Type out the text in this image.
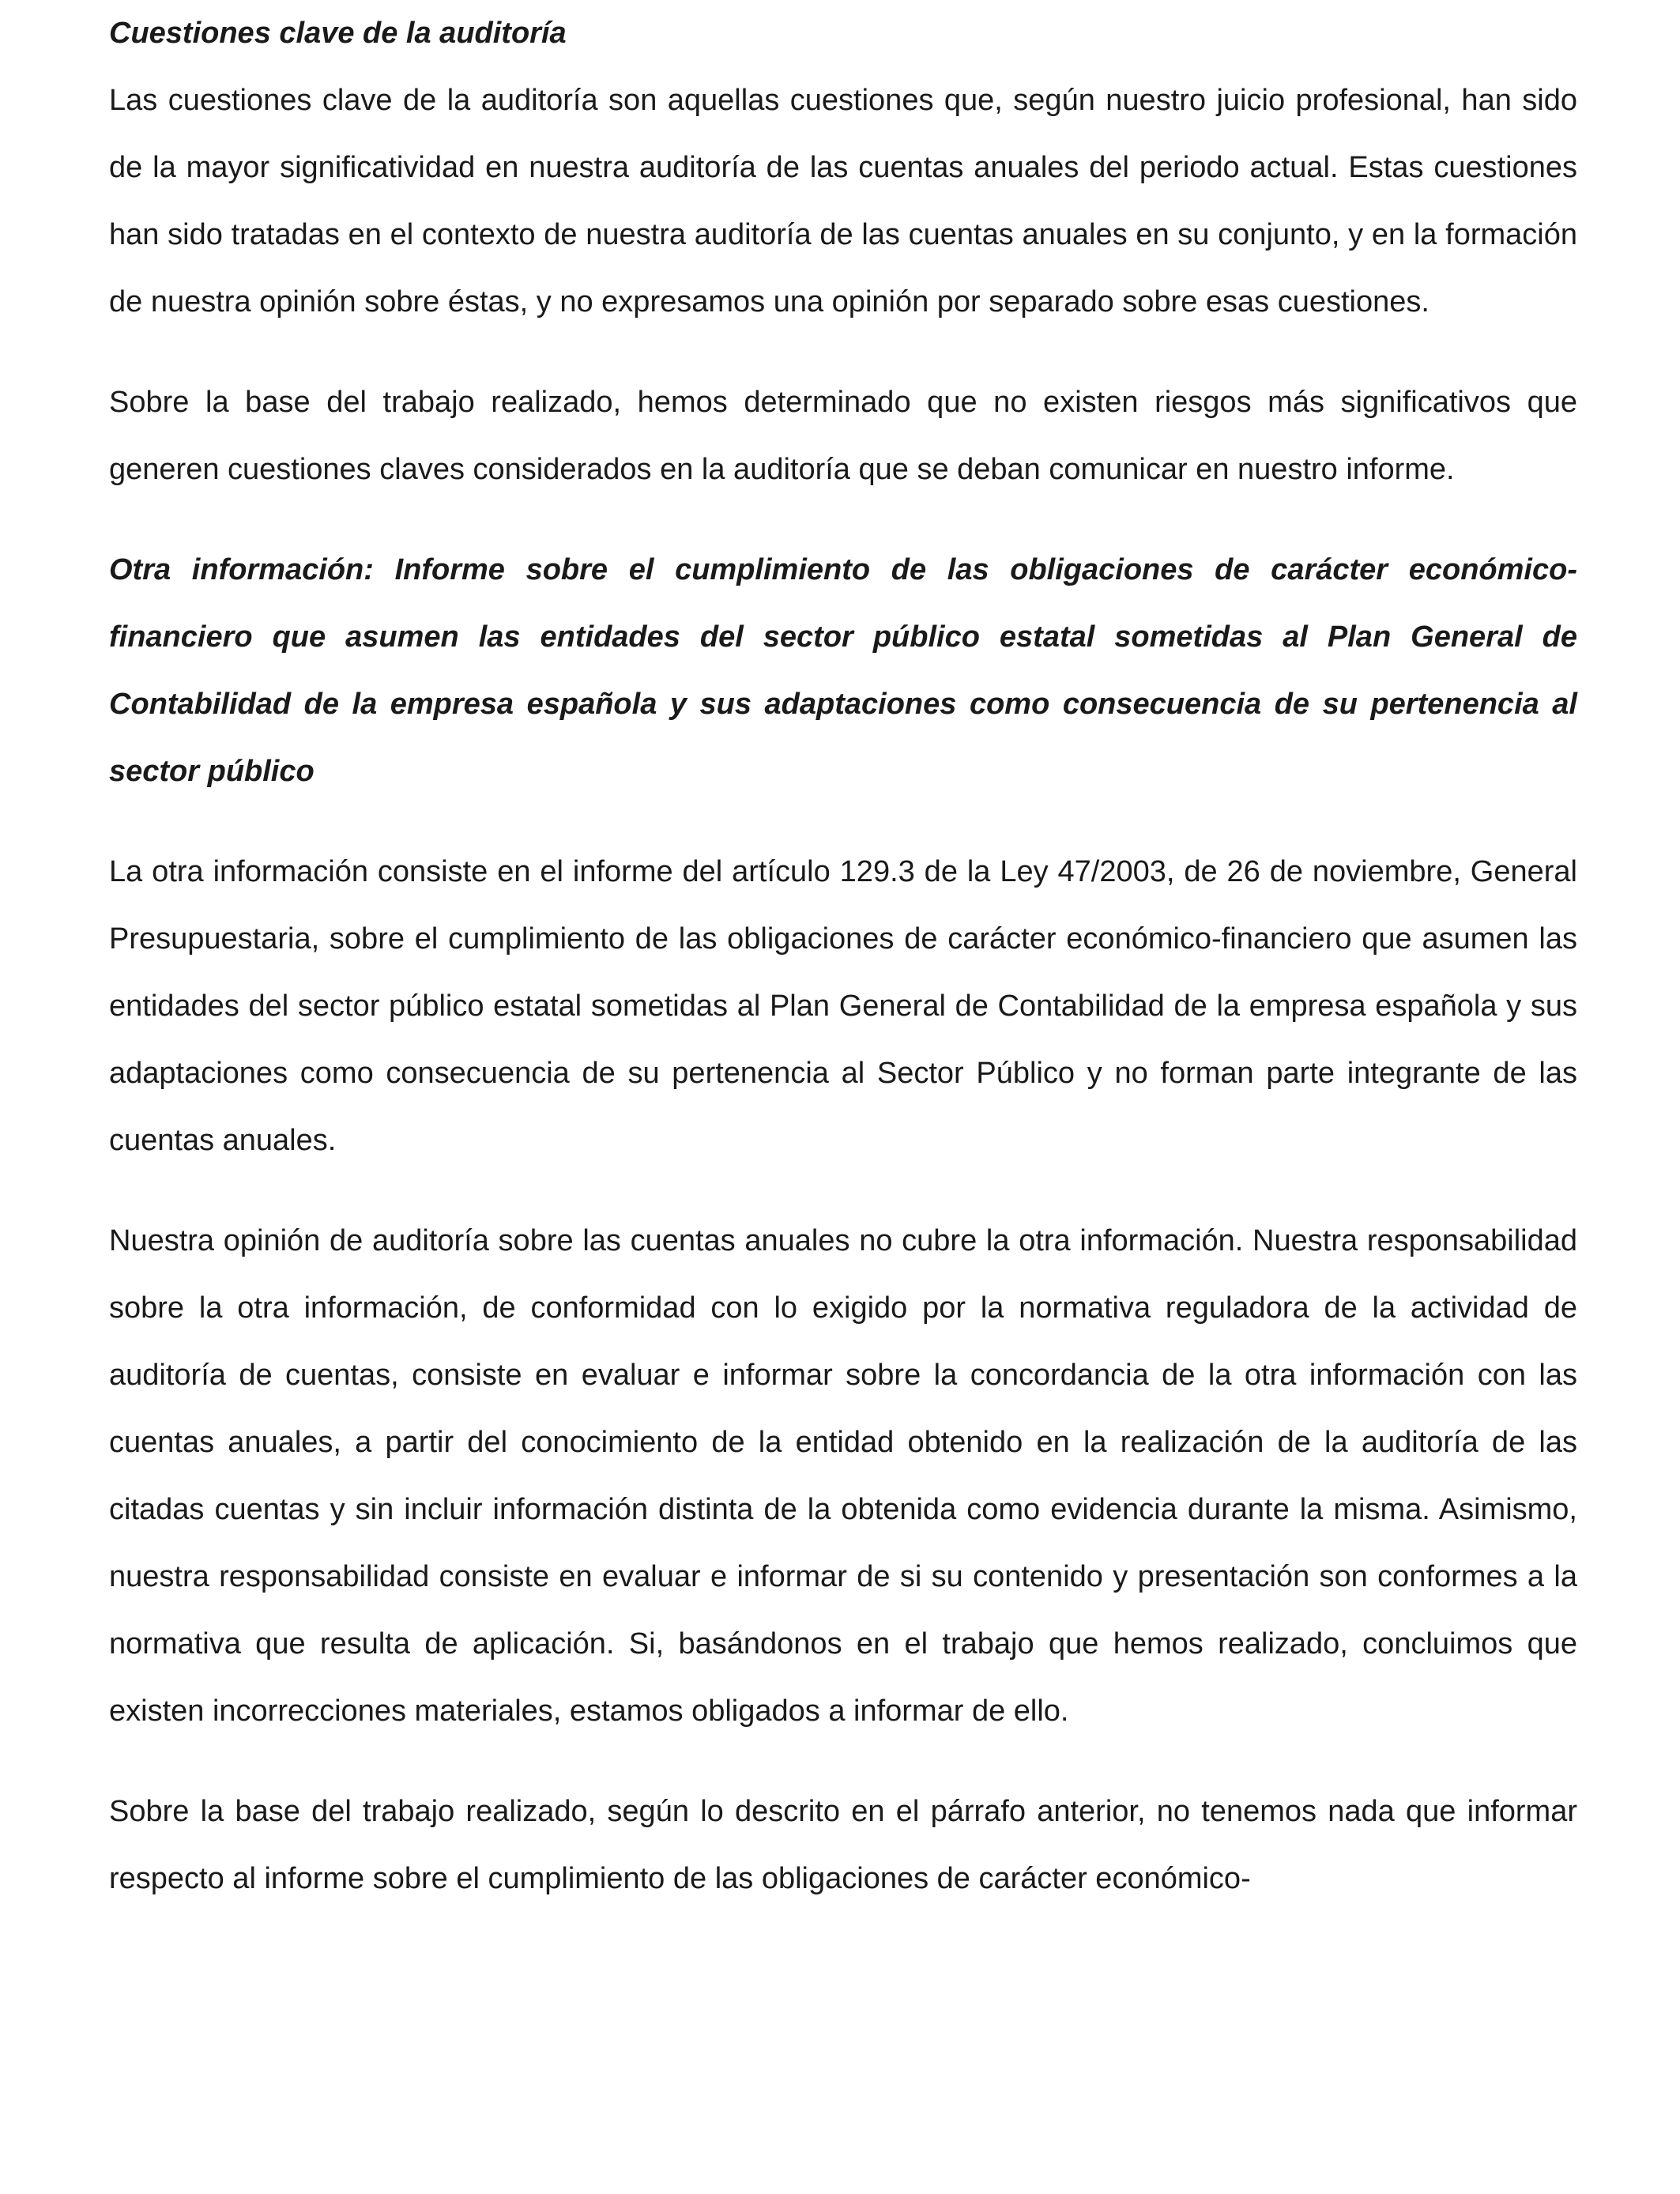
Cuestiones clave de la auditoría

Las cuestiones clave de la auditoría son aquellas cuestiones que, según nuestro juicio profesional, han sido de la mayor significatividad en nuestra auditoría de las cuentas anuales del periodo actual. Estas cuestiones han sido tratadas en el contexto de nuestra auditoría de las cuentas anuales en su conjunto, y en la formación de nuestra opinión sobre éstas, y no expresamos una opinión por separado sobre esas cuestiones.

Sobre la base del trabajo realizado, hemos determinado que no existen riesgos más significativos que generen cuestiones claves considerados en la auditoría que se deban comunicar en nuestro informe.

Otra información: Informe sobre el cumplimiento de las obligaciones de carácter económico-financiero que asumen las entidades del sector público estatal sometidas al Plan General de Contabilidad de la empresa española y sus adaptaciones como consecuencia de su pertenencia al sector público

La otra información consiste en el informe del artículo 129.3 de la Ley 47/2003, de 26 de noviembre, General Presupuestaria, sobre el cumplimiento de las obligaciones de carácter económico-financiero que asumen las entidades del sector público estatal sometidas al Plan General de Contabilidad de la empresa española y sus adaptaciones como consecuencia de su pertenencia al Sector Público y no forman parte integrante de las cuentas anuales.

Nuestra opinión de auditoría sobre las cuentas anuales no cubre la otra información. Nuestra responsabilidad sobre la otra información, de conformidad con lo exigido por la normativa reguladora de la actividad de auditoría de cuentas, consiste en evaluar e informar sobre la concordancia de la otra información con las cuentas anuales, a partir del conocimiento de la entidad obtenido en la realización de la auditoría de las citadas cuentas y sin incluir información distinta de la obtenida como evidencia durante la misma. Asimismo, nuestra responsabilidad consiste en evaluar e informar de si su contenido y presentación son conformes a la normativa que resulta de aplicación. Si, basándonos en el trabajo que hemos realizado, concluimos que existen incorrecciones materiales, estamos obligados a informar de ello.

Sobre la base del trabajo realizado, según lo descrito en el párrafo anterior, no tenemos nada que informar respecto al informe sobre el cumplimiento de las obligaciones de carácter económico-
